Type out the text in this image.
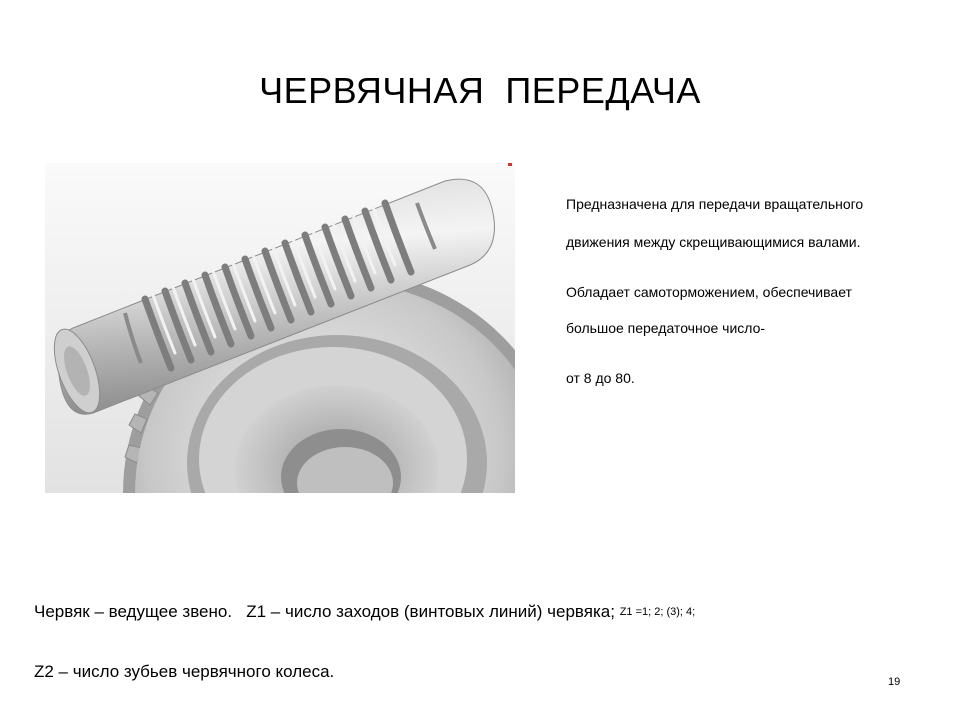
ЧЕРВЯЧНАЯ  ПЕРЕДАЧА
Предназначена для передачи вращательного
движения между скрещивающимися валами.
Обладает самоторможением, обеспечивает
большое передаточное число-
от 8 до 80.
Червяк – ведущее звено. Z1 – число заходов (винтовых линий) червяка; Z1 =1; 2; (3); 4;
Z2 – число зубьев червячного колеса.
19
